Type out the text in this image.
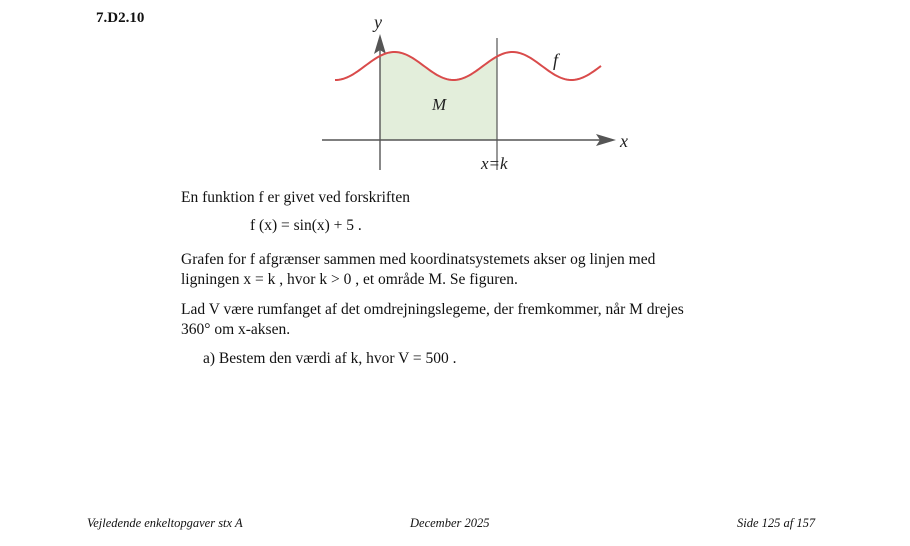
7.D2.10	y
x
f
M
x=k
En funktion f er givet ved forskriften
f (x) = sin(x) + 5 .
Grafen for f afgrænser sammen med koordinatsystemets akser og linjen med
ligningen x = k , hvor k > 0 , et område M. Se figuren.
Lad V være rumfanget af det omdrejningslegeme, der fremkommer, når M drejes
360° om x-aksen.
a) Bestem den værdi af k, hvor V = 500 .
Vejledende enkeltopgaver stx A	December 2025	Side 125 af 157
